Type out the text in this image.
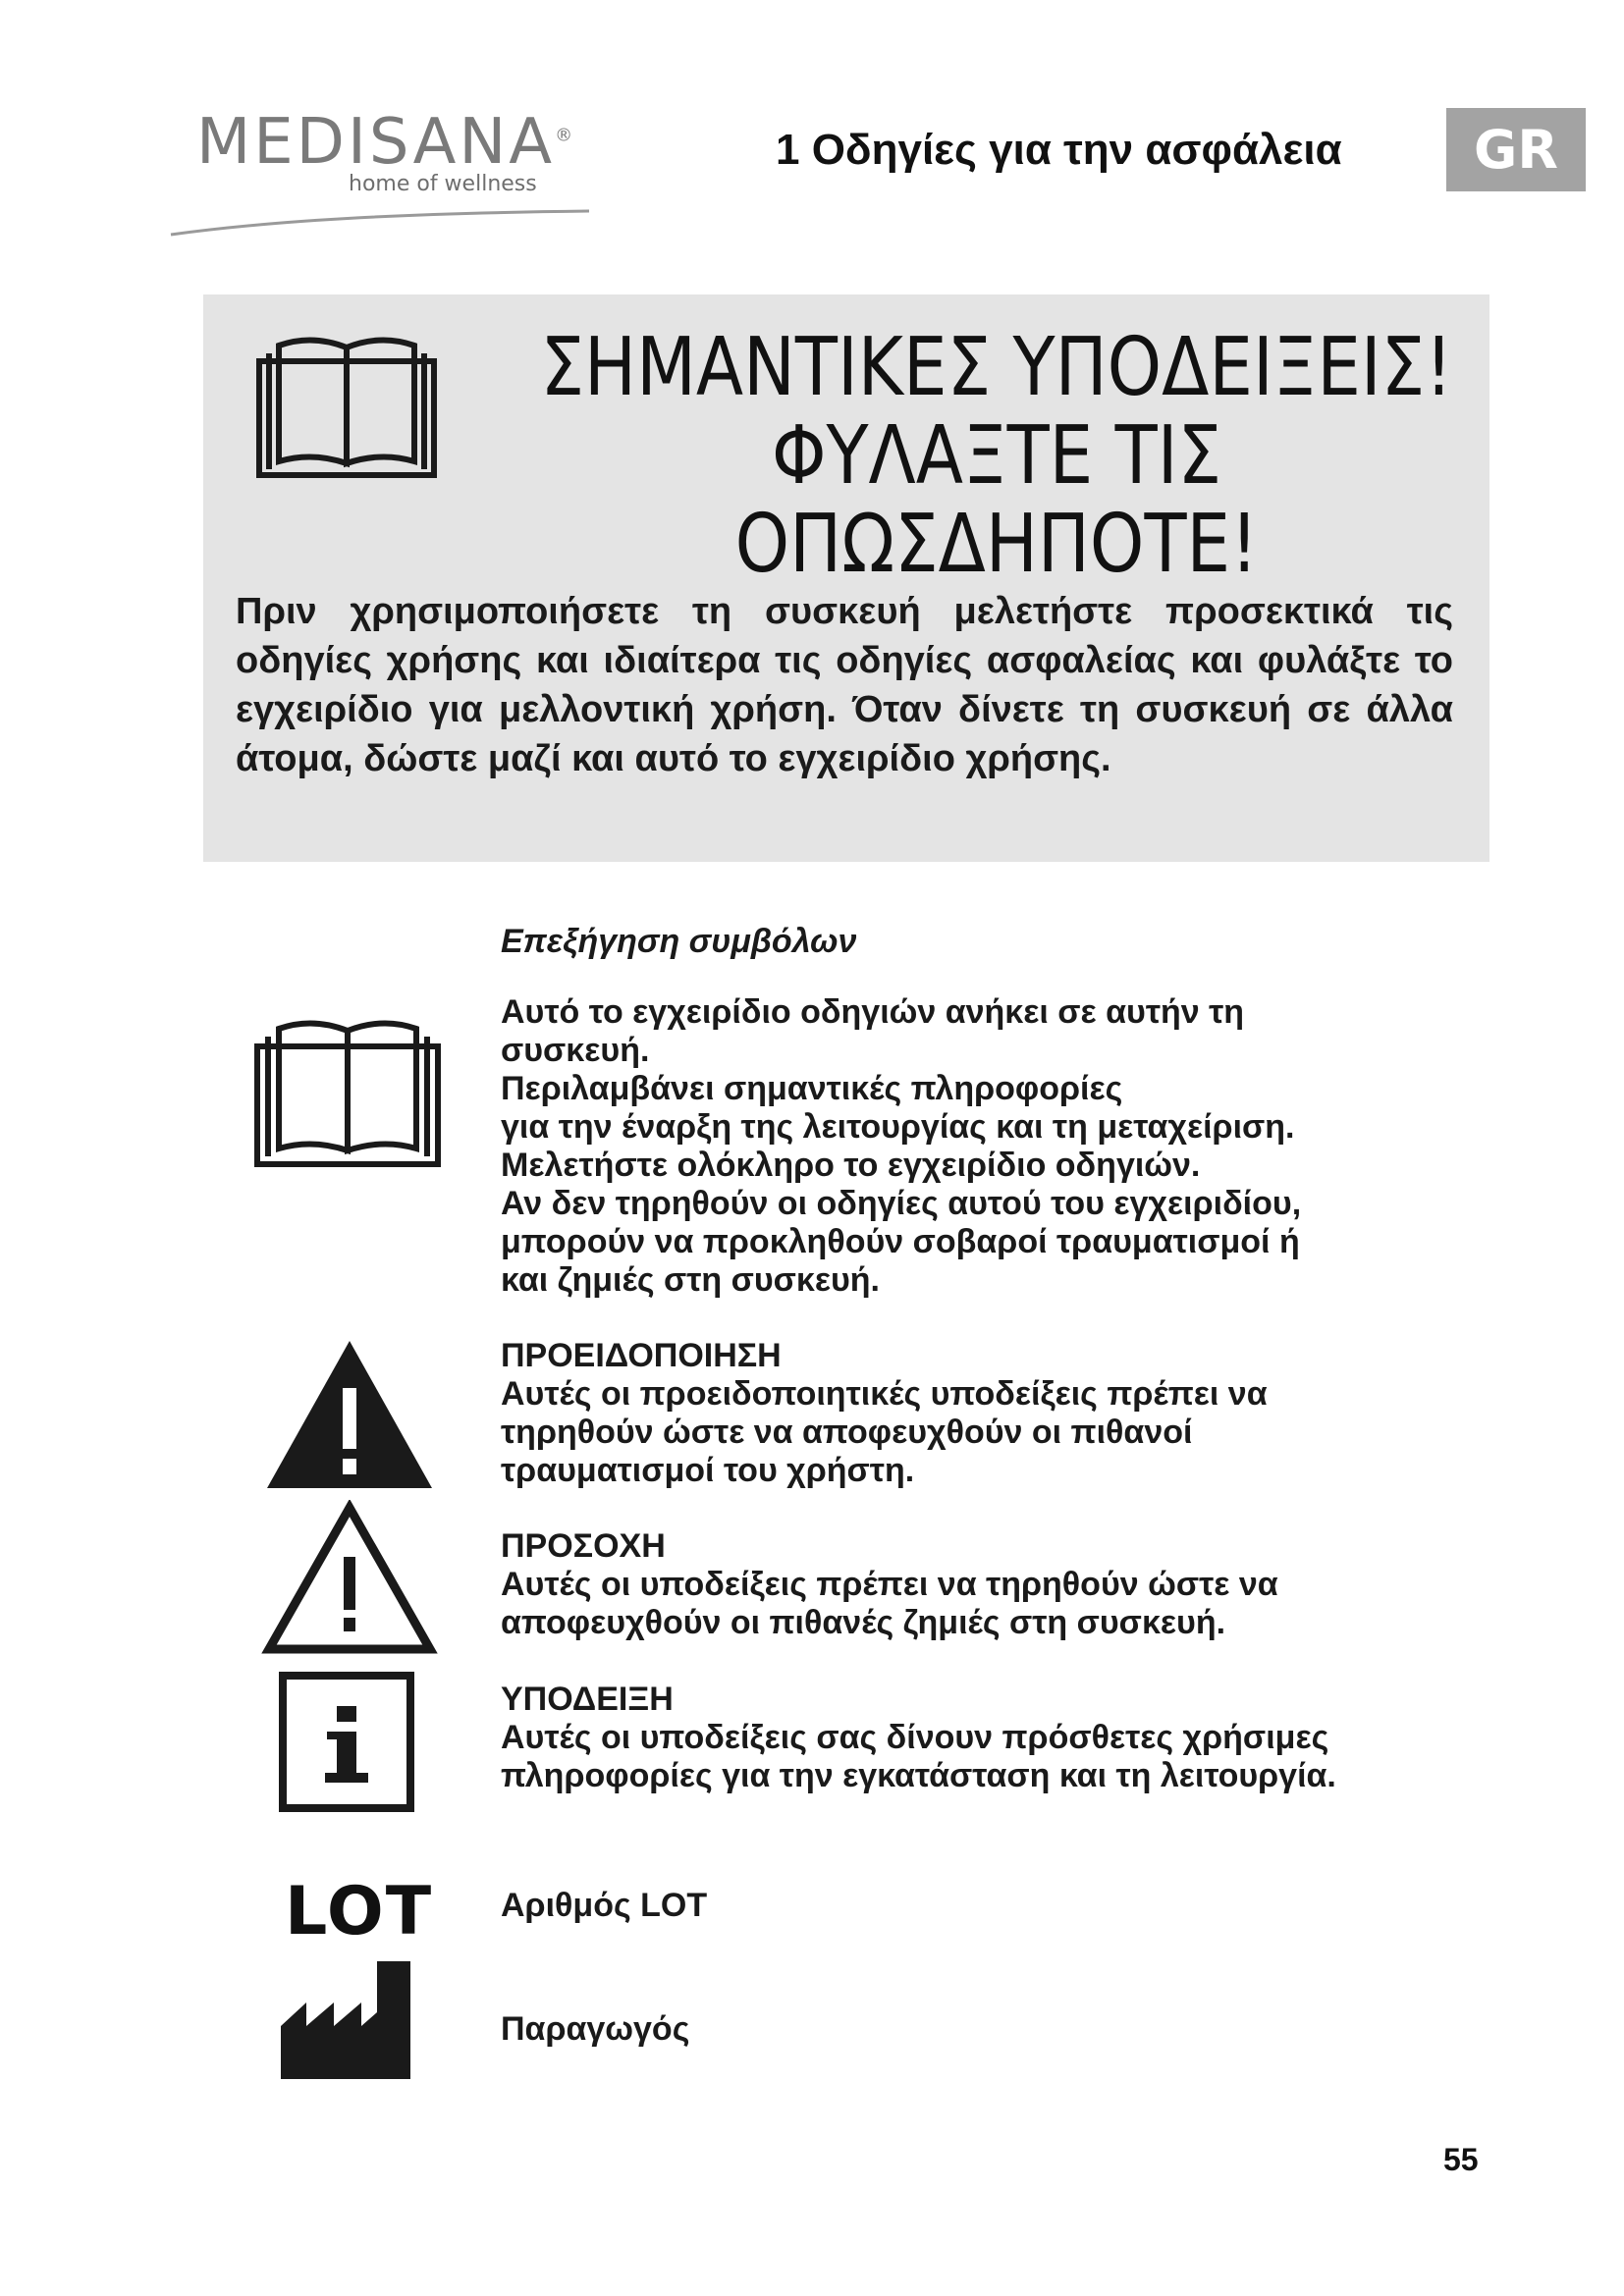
MEDISANA®
home of wellness
1 Οδηγίες για την ασφάλεια	GR
ΣΗΜΑΝΤΙΚΕΣ ΥΠΟΔΕΙΞΕΙΣ!
ΦΥΛΑΞΤΕ ΤΙΣ
ΟΠΩΣΔΗΠΟΤΕ!
Πριν χρησιμοποιήσετε τη συσκευή μελετήστε προσεκτικά τις οδηγίες χρήσης και ιδιαίτερα τις οδηγίες ασφαλείας και φυλάξτε το εγχειρίδιο για μελλοντική χρήση. Όταν δίνετε τη συσκευή σε άλλα άτομα, δώστε μαζί και αυτό το εγχειρίδιο χρήσης.
Επεξήγηση συμβόλων
Αυτό το εγχειρίδιο οδηγιών ανήκει σε αυτήν τη
συσκευή.
Περιλαμβάνει σημαντικές πληροφορίες
για την έναρξη της λειτουργίας και τη μεταχείριση.
Μελετήστε ολόκληρο το εγχειρίδιο οδηγιών.
Αν δεν τηρηθούν οι οδηγίες αυτού του εγχειριδίου,
μπορούν να προκληθούν σοβαροί τραυματισμοί ή
και ζημιές στη συσκευή.
ΠΡΟΕΙΔΟΠΟΙΗΣΗ
Αυτές οι προειδοποιητικές υποδείξεις πρέπει να
τηρηθούν ώστε να αποφευχθούν οι πιθανοί
τραυματισμοί του χρήστη.
ΠΡΟΣΟΧΗ
Αυτές οι υποδείξεις πρέπει να τηρηθούν ώστε να
αποφευχθούν οι πιθανές ζημιές στη συσκευή.
ΥΠΟΔΕΙΞΗ
Αυτές οι υποδείξεις σας δίνουν πρόσθετες χρήσιμες
πληροφορίες για την εγκατάσταση και τη λειτουργία.
LOT Αριθμός LOT
Παραγωγός
55
